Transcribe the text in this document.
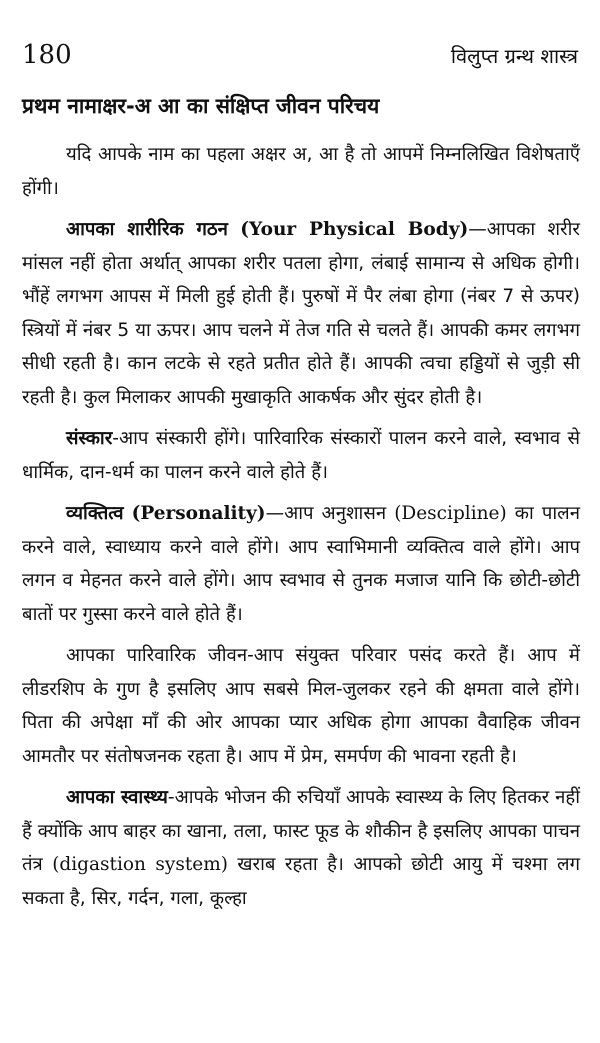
180	विलुप्त ग्रन्थ शास्त्र
प्रथम नामाक्षर-अ आ का संक्षिप्त जीवन परिचय

यदि आपके नाम का पहला अक्षर अ, आ है तो आपमें निम्नलिखित विशेषताएँ होंगी।

आपका शारीरिक गठन (Your Physical Body)—आपका शरीर मांसल नहीं होता अर्थात् आपका शरीर पतला होगा, लंबाई सामान्य से अधिक होगी। भौंहें लगभग आपस में मिली हुई होती हैं। पुरुषों में पैर लंबा होगा (नंबर 7 से ऊपर) स्त्रियों में नंबर 5 या ऊपर। आप चलने में तेज गति से चलते हैं। आपकी कमर लगभग सीधी रहती है। कान लटके से रहते प्रतीत होते हैं। आपकी त्वचा हड्डियों से जुड़ी सी रहती है। कुल मिलाकर आपकी मुखाकृति आकर्षक और सुंदर होती है।

संस्कार-आप संस्कारी होंगे। पारिवारिक संस्कारों पालन करने वाले, स्वभाव से धार्मिक, दान-धर्म का पालन करने वाले होते हैं।

व्यक्तित्व (Personality)—आप अनुशासन (Descipline) का पालन करने वाले, स्वाध्याय करने वाले होंगे। आप स्वाभिमानी व्यक्तित्व वाले होंगे। आप लगन व मेहनत करने वाले होंगे। आप स्वभाव से तुनक मजाज यानि कि छोटी-छोटी बातों पर गुस्सा करने वाले होते हैं।

आपका पारिवारिक जीवन-आप संयुक्त परिवार पसंद करते हैं। आप में लीडरशिप के गुण है इसलिए आप सबसे मिल-जुलकर रहने की क्षमता वाले होंगे। पिता की अपेक्षा माँ की ओर आपका प्यार अधिक होगा आपका वैवाहिक जीवन आमतौर पर संतोषजनक रहता है। आप में प्रेम, समर्पण की भावना रहती है।

आपका स्वास्थ्य-आपके भोजन की रुचियाँ आपके स्वास्थ्य के लिए हितकर नहीं हैं क्योंकि आप बाहर का खाना, तला, फास्ट फूड के शौकीन है इसलिए आपका पाचन तंत्र (digastion system) खराब रहता है। आपको छोटी आयु में चश्मा लग सकता है, सिर, गर्दन, गला, कूल्हा
